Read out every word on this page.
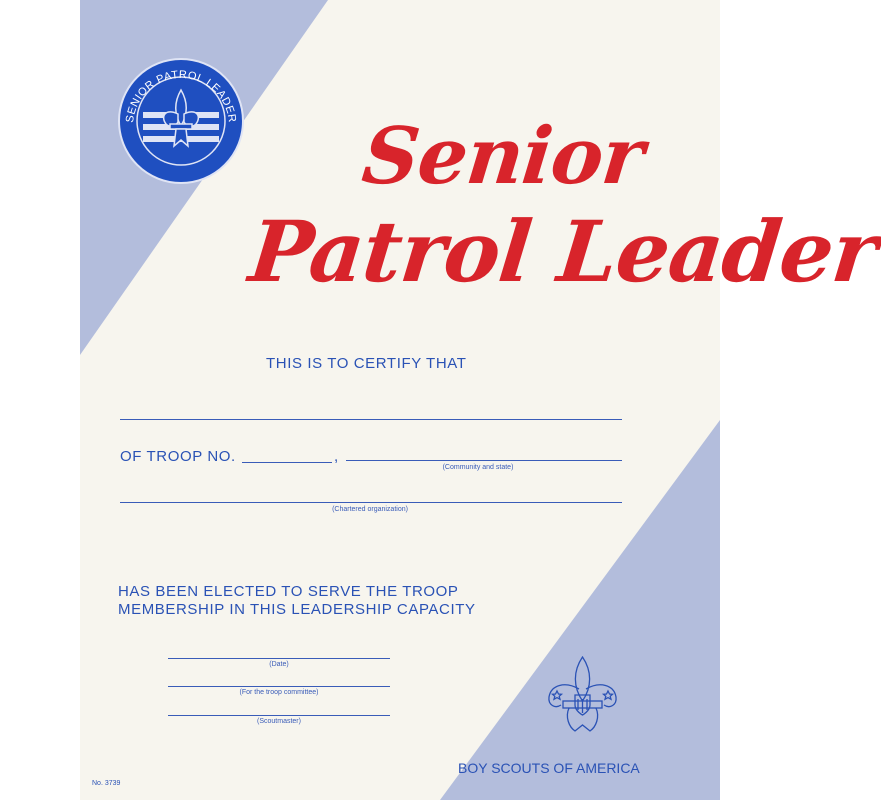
SENIOR PATROL LEADER Senior
Patrol Leader
THIS IS TO CERTIFY THAT
OF TROOP NO.	,
(Community and state)
(Chartered organization)
HAS BEEN ELECTED TO SERVE THE TROOP
MEMBERSHIP IN THIS LEADERSHIP CAPACITY
(Date)
(For the troop committee)
(Scoutmaster)
BOY SCOUTS OF AMERICA
No. 3739
